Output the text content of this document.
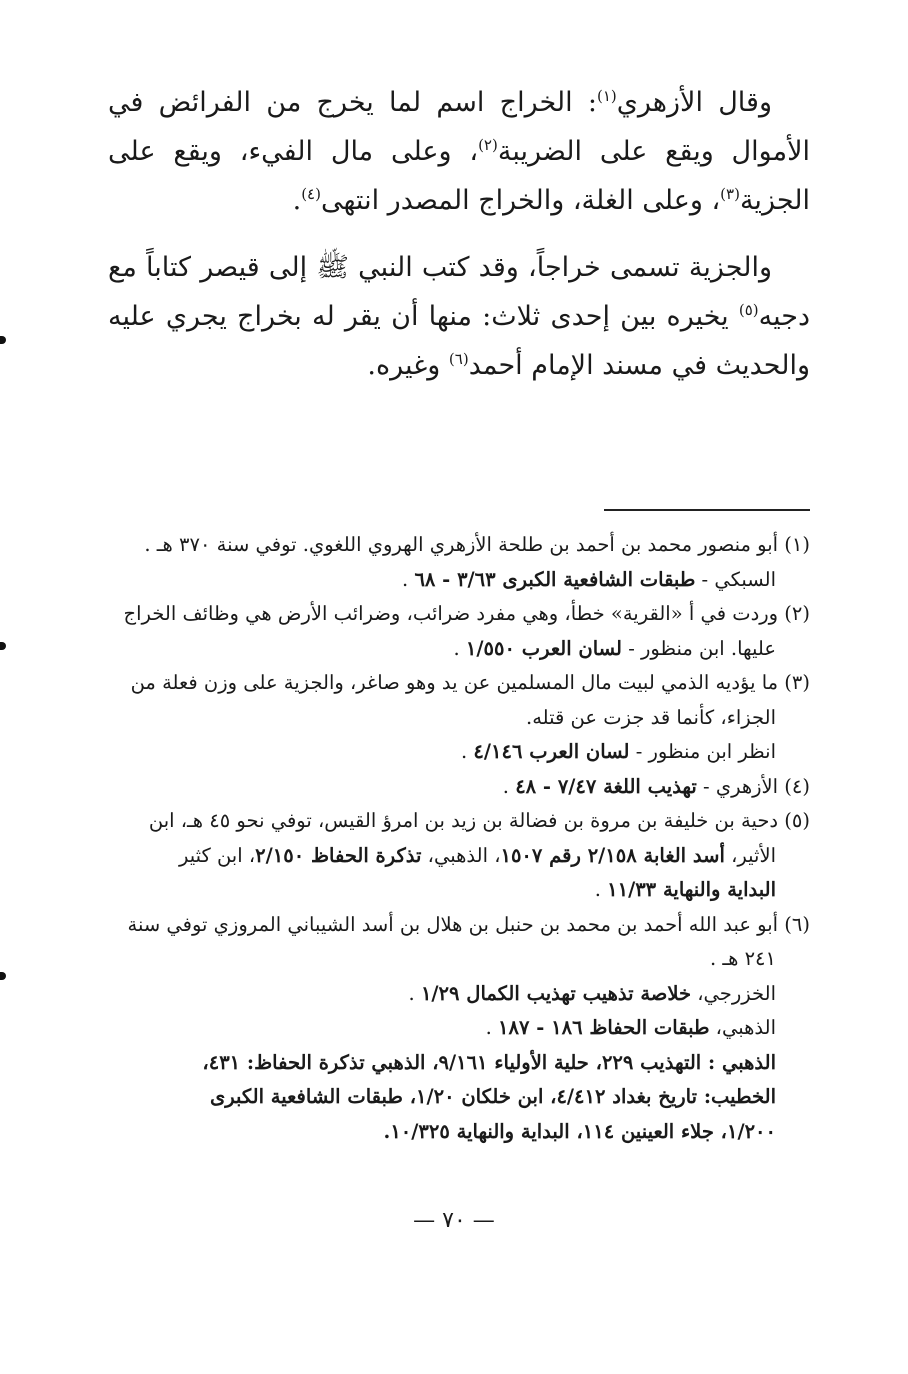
وقال الأزهري$^{(١)}$: الخراج اسم لما يخرج من الفرائض في الأموال ويقع على الضريبة$^{(٢)}$، وعلى مال الفيء، ويقع على الجزية$^{(٣)}$، وعلى الغلة، والخراج المصدر انتهى$^{(٤)}$.

والجزية تسمى خراجاً، وقد كتب النبي ﷺ إلى قيصر كتاباً مع دجيه$^{(٥)}$ يخيره بين إحدى ثلاث: منها أن يقر له بخراج يجري عليه والحديث في مسند الإمام أحمد$^{(٦)}$ وغيره.

(١) أبو منصور محمد بن أحمد بن طلحة الأزهري الهروي اللغوي. توفي سنة ٣٧٠ هـ .
السبكي - طبقات الشافعية الكبرى ٣/٦٣ - ٦٨ .
(٢) وردت في أ «القرية» خطأ، وهي مفرد ضرائب، وضرائب الأرض هي وظائف الخراج
عليها. ابن منظور - لسان العرب ١/٥٥٠ .
(٣) ما يؤديه الذمي لبيت مال المسلمين عن يد وهو صاغر، والجزية على وزن فعلة من
الجزاء، كأنما قد جزت عن قتله.
انظر ابن منظور - لسان العرب ٤/١٤٦ .
(٤) الأزهري - تهذيب اللغة ٧/٤٧ - ٤٨ .
(٥) دحية بن خليفة بن مروة بن فضالة بن زيد بن امرؤ القيس، توفي نحو ٤٥ هـ، ابن
الأثير، أسد الغابة ٢/١٥٨ رقم ١٥٠٧، الذهبي، تذكرة الحفاظ ٢/١٥٠، ابن كثير
البداية والنهاية ١١/٣٣ .
(٦) أبو عبد الله أحمد بن محمد بن حنبل بن هلال بن أسد الشيباني المروزي توفي سنة
٢٤١ هـ .
الخزرجي، خلاصة تذهيب تهذيب الكمال ١/٢٩ .
الذهبي، طبقات الحفاظ ١٨٦ - ١٨٧ .
الذهبي : التهذيب ٢٢٩، حلية الأولياء ٩/١٦١، الذهبي تذكرة الحفاظ: ٤٣١،
الخطيب: تاريخ بغداد ٤/٤١٢، ابن خلكان ١/٢٠، طبقات الشافعية الكبرى
١/٢٠٠، جلاء العينين ١١٤، البداية والنهاية ١٠/٣٢٥.
— ٧٠ —
